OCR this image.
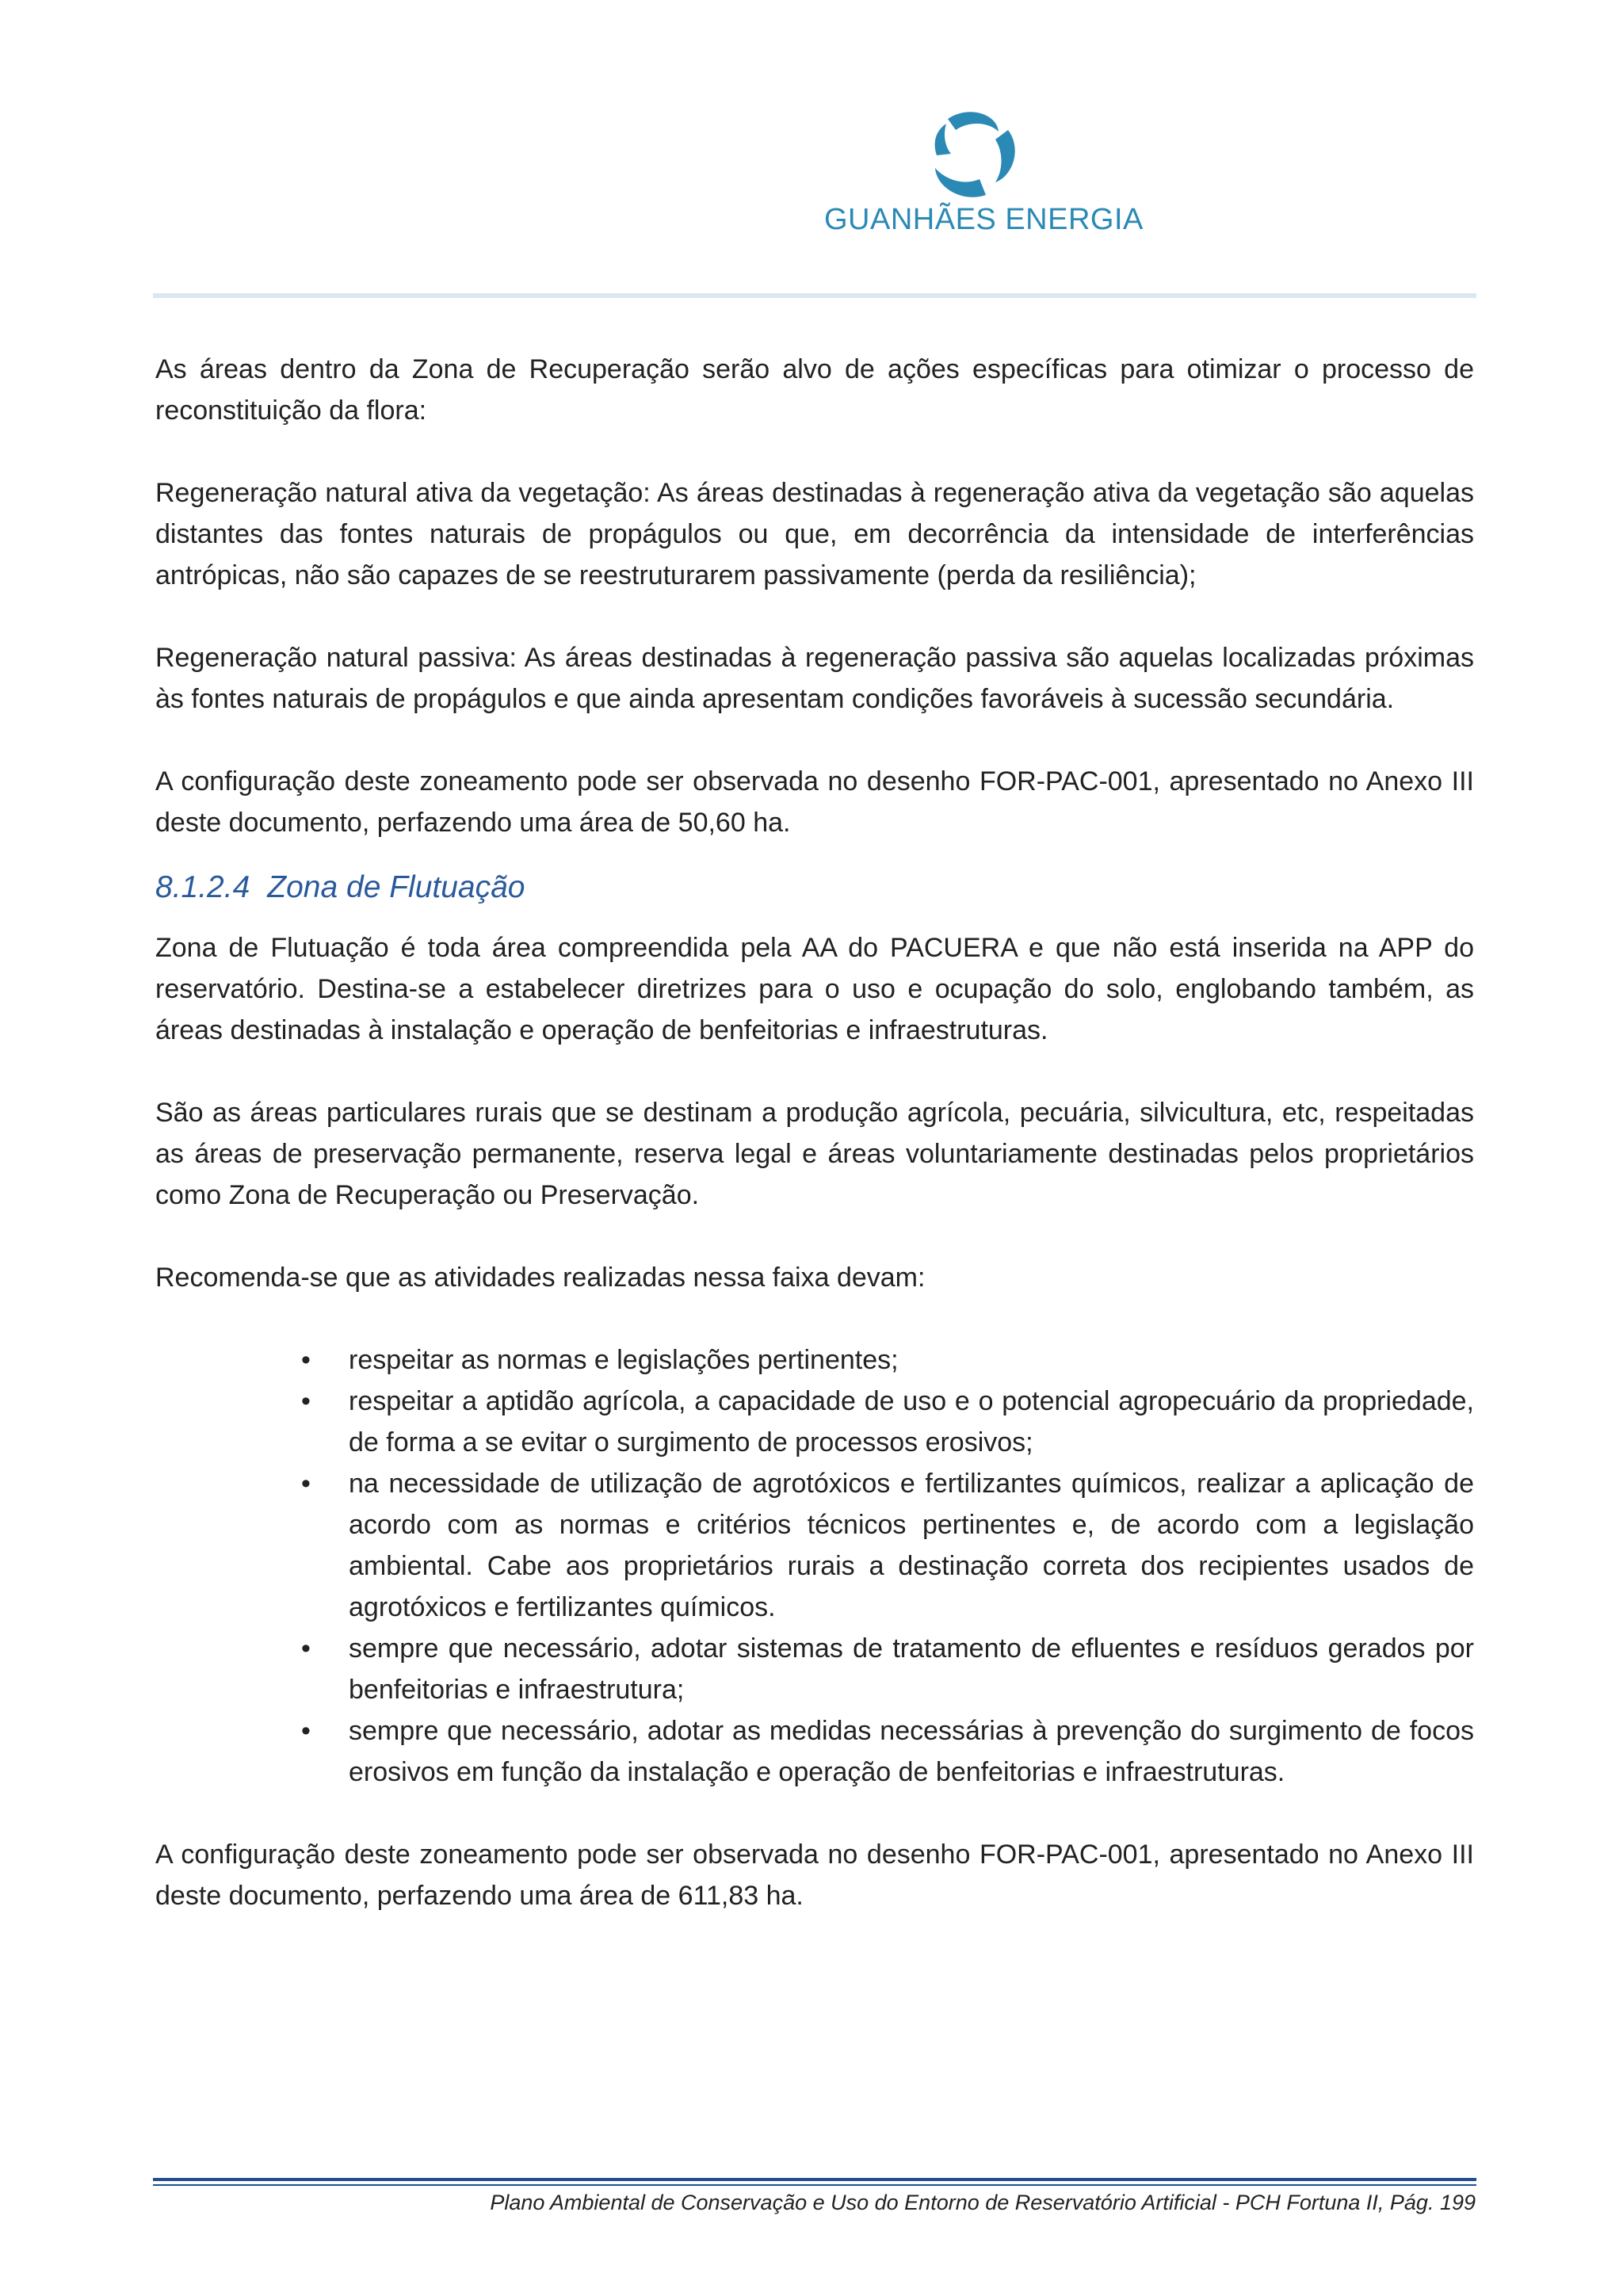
GUANHÃES ENERGIA

As áreas dentro da Zona de Recuperação serão alvo de ações específicas para otimizar o processo de reconstituição da flora:

Regeneração natural ativa da vegetação: As áreas destinadas à regeneração ativa da vegetação são aquelas distantes das fontes naturais de propágulos ou que, em decorrência da intensidade de interferências antrópicas, não são capazes de se reestruturarem passivamente (perda da resiliência);

Regeneração natural passiva: As áreas destinadas à regeneração passiva são aquelas localizadas próximas às fontes naturais de propágulos e que ainda apresentam condições favoráveis à sucessão secundária.

A configuração deste zoneamento pode ser observada no desenho FOR-PAC-001, apresentado no Anexo III deste documento, perfazendo uma área de 50,60 ha.

8.1.2.4 Zona de Flutuação

Zona de Flutuação é toda área compreendida pela AA do PACUERA e que não está inserida na APP do reservatório. Destina-se a estabelecer diretrizes para o uso e ocupação do solo, englobando também, as áreas destinadas à instalação e operação de benfeitorias e infraestruturas.

São as áreas particulares rurais que se destinam a produção agrícola, pecuária, silvicultura, etc, respeitadas as áreas de preservação permanente, reserva legal e áreas voluntariamente destinadas pelos proprietários como Zona de Recuperação ou Preservação.

Recomenda-se que as atividades realizadas nessa faixa devam:

• respeitar as normas e legislações pertinentes;
• respeitar a aptidão agrícola, a capacidade de uso e o potencial agropecuário da propriedade, de forma a se evitar o surgimento de processos erosivos;
• na necessidade de utilização de agrotóxicos e fertilizantes químicos, realizar a aplicação de acordo com as normas e critérios técnicos pertinentes e, de acordo com a legislação ambiental. Cabe aos proprietários rurais a destinação correta dos recipientes usados de agrotóxicos e fertilizantes químicos.
• sempre que necessário, adotar sistemas de tratamento de efluentes e resíduos gerados por benfeitorias e infraestrutura;
• sempre que necessário, adotar as medidas necessárias à prevenção do surgimento de focos erosivos em função da instalação e operação de benfeitorias e infraestruturas.

A configuração deste zoneamento pode ser observada no desenho FOR-PAC-001, apresentado no Anexo III deste documento, perfazendo uma área de 611,83 ha.

Plano Ambiental de Conservação e Uso do Entorno de Reservatório Artificial - PCH Fortuna II, Pág. 199
